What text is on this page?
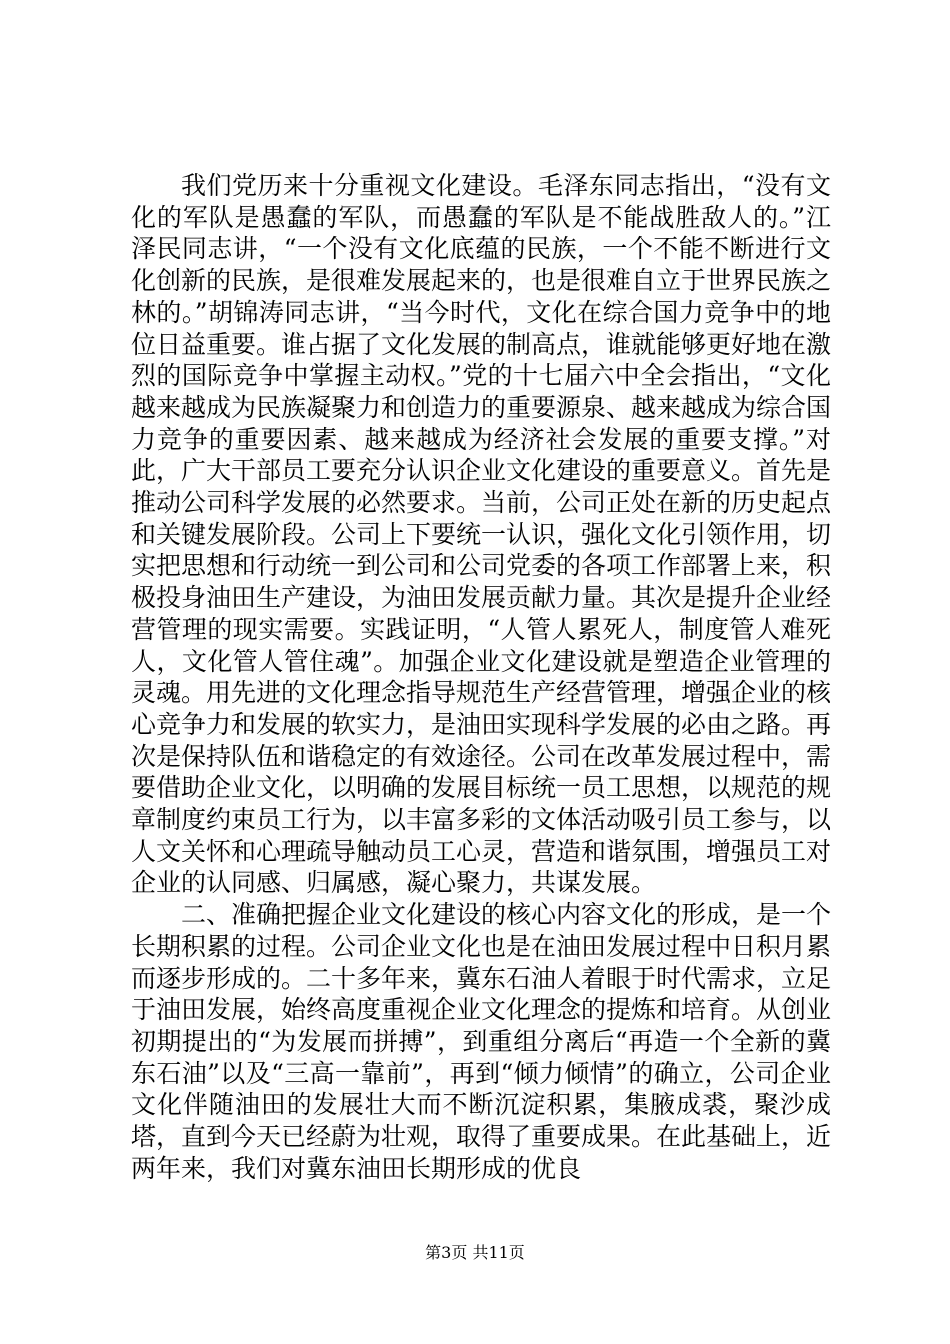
我们党历来十分重视文化建设。毛泽东同志指出，“没有文化的军队是愚蠢的军队，而愚蠢的军队是不能战胜敌人的。”江泽民同志讲，“一个没有文化底蕴的民族，一个不能不断进行文化创新的民族，是很难发展起来的，也是很难自立于世界民族之林的。”胡锦涛同志讲，“当今时代，文化在综合国力竞争中的地位日益重要。谁占据了文化发展的制高点，谁就能够更好地在激烈的国际竞争中掌握主动权。”党的十七届六中全会指出，“文化越来越成为民族凝聚力和创造力的重要源泉、越来越成为综合国力竞争的重要因素、越来越成为经济社会发展的重要支撑。”对此，广大干部员工要充分认识企业文化建设的重要意义。首先是推动公司科学发展的必然要求。当前，公司正处在新的历史起点和关键发展阶段。公司上下要统一认识，强化文化引领作用，切实把思想和行动统一到公司和公司党委的各项工作部署上来，积极投身油田生产建设，为油田发展贡献力量。其次是提升企业经营管理的现实需要。实践证明，“人管人累死人，制度管人难死人，文化管人管住魂”。加强企业文化建设就是塑造企业管理的灵魂。用先进的文化理念指导规范生产经营管理，增强企业的核心竞争力和发展的软实力，是油田实现科学发展的必由之路。再次是保持队伍和谐稳定的有效途径。公司在改革发展过程中，需要借助企业文化，以明确的发展目标统一员工思想，以规范的规章制度约束员工行为，以丰富多彩的文体活动吸引员工参与，以人文关怀和心理疏导触动员工心灵，营造和谐氛围，增强员工对企业的认同感、归属感，凝心聚力，共谋发展。

二、准确把握企业文化建设的核心内容文化的形成，是一个长期积累的过程。公司企业文化也是在油田发展过程中日积月累而逐步形成的。二十多年来，冀东石油人着眼于时代需求，立足于油田发展，始终高度重视企业文化理念的提炼和培育。从创业初期提出的“为发展而拼搏”，到重组分离后“再造一个全新的冀东石油”以及“三高一靠前”，再到“倾力倾情”的确立，公司企业文化伴随油田的发展壮大而不断沉淀积累，集腋成裘，聚沙成塔，直到今天已经蔚为壮观，取得了重要成果。在此基础上，近两年来，我们对冀东油田长期形成的优良

第3页 共11页
